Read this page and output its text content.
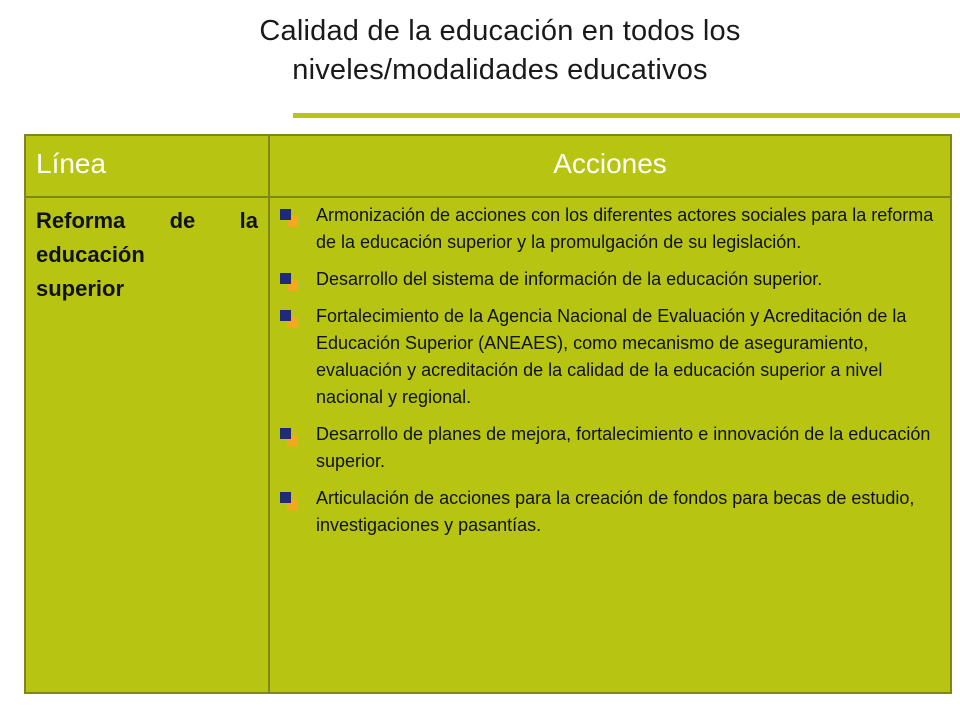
Calidad de la educación en todos los
niveles/modalidades educativos
Línea	Acciones
Reforma de la
educación
superior
Armonización de acciones con los diferentes actores sociales para la reforma de la educación superior y la promulgación de su legislación.
Desarrollo del sistema de información de la educación superior.
Fortalecimiento de la Agencia Nacional de Evaluación y Acreditación de la Educación Superior (ANEAES), como mecanismo de aseguramiento, evaluación y acreditación de la calidad de la educación superior a nivel nacional y regional.
Desarrollo de planes de mejora, fortalecimiento e innovación de la educación superior.
Articulación de acciones para la creación de fondos para becas de estudio, investigaciones y pasantías.
